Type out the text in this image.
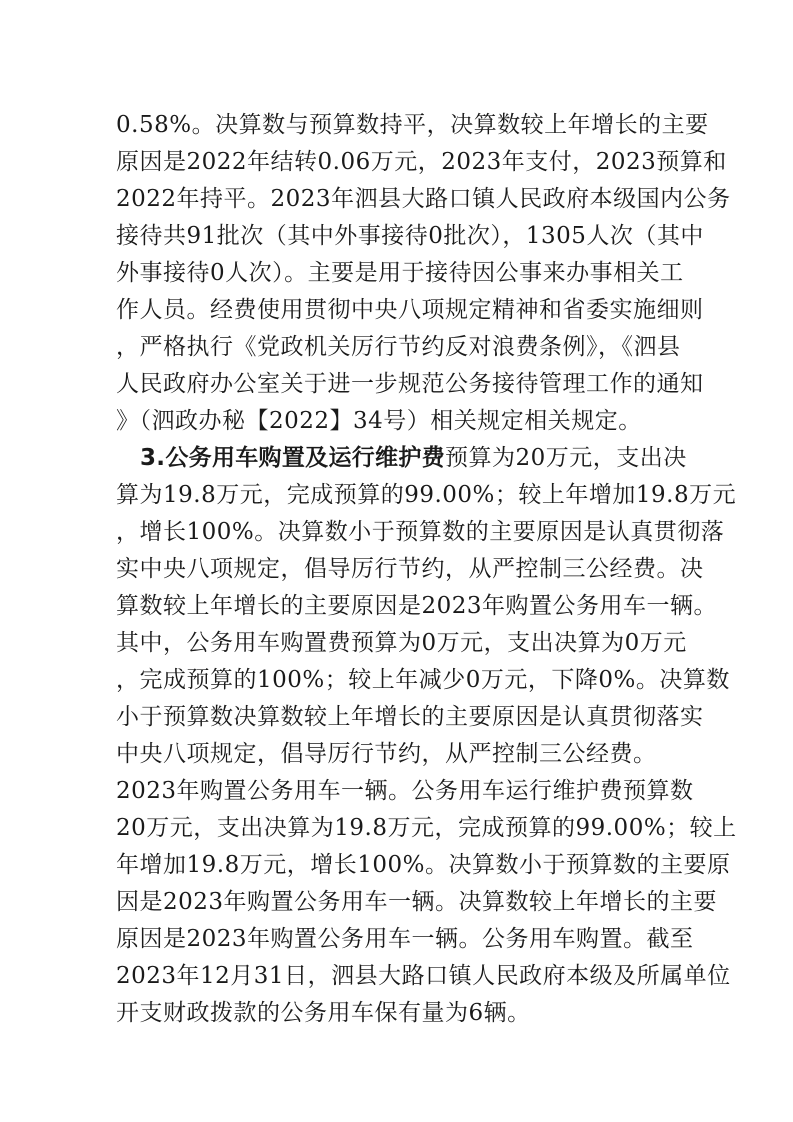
0.58%。决算数与预算数持平，决算数较上年增长的主要
原因是2022年结转0.06万元，2023年支付，2023预算和
2022年持平。2023年泗县大路口镇人民政府本级国内公务
接待共91批次（其中外事接待0批次），1305人次（其中
外事接待0人次）。主要是用于接待因公事来办事相关工
作人员。经费使用贯彻中央八项规定精神和省委实施细则
，严格执行《党政机关厉行节约反对浪费条例》，《泗县
人民政府办公室关于进一步规范公务接待管理工作的通知
》（泗政办秘【2022】34号）相关规定相关规定。
3.公务用车购置及运行维护费预算为20万元，支出决
算为19.8万元，完成预算的99.00%；较上年增加19.8万元
，增长100%。决算数小于预算数的主要原因是认真贯彻落
实中央八项规定，倡导厉行节约，从严控制三公经费。决
算数较上年增长的主要原因是2023年购置公务用车一辆。
其中，公务用车购置费预算为0万元，支出决算为0万元
，完成预算的100%；较上年减少0万元，下降0%。决算数
小于预算数决算数较上年增长的主要原因是认真贯彻落实
中央八项规定，倡导厉行节约，从严控制三公经费。
2023年购置公务用车一辆。公务用车运行维护费预算数
20万元，支出决算为19.8万元，完成预算的99.00%；较上
年增加19.8万元，增长100%。决算数小于预算数的主要原
因是2023年购置公务用车一辆。决算数较上年增长的主要
原因是2023年购置公务用车一辆。公务用车购置。截至
2023年12月31日，泗县大路口镇人民政府本级及所属单位
开支财政拨款的公务用车保有量为6辆。
